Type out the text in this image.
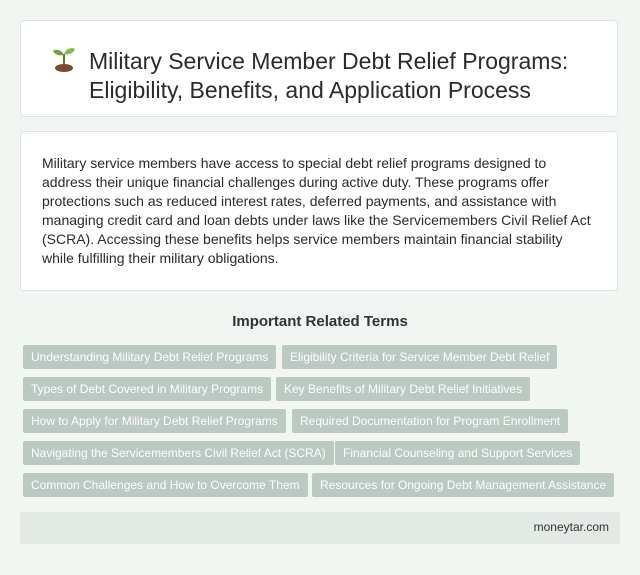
Military Service Member Debt Relief Programs:
Eligibility, Benefits, and Application Process

Military service members have access to special debt relief programs designed to address their unique financial challenges during active duty. These programs offer protections such as reduced interest rates, deferred payments, and assistance with managing credit card and loan debts under laws like the Servicemembers Civil Relief Act (SCRA). Accessing these benefits helps service members maintain financial stability while fulfilling their military obligations.

Important Related Terms
Understanding Military Debt Relief Programs	Eligibility Criteria for Service Member Debt Relief
Types of Debt Covered in Military Programs	Key Benefits of Military Debt Relief Initiatives
How to Apply for Military Debt Relief Programs	Required Documentation for Program Enrollment
Navigating the Servicemembers Civil Relief Act (SCRA)	Financial Counseling and Support Services
Common Challenges and How to Overcome Them	Resources for Ongoing Debt Management Assistance
moneytar.com
